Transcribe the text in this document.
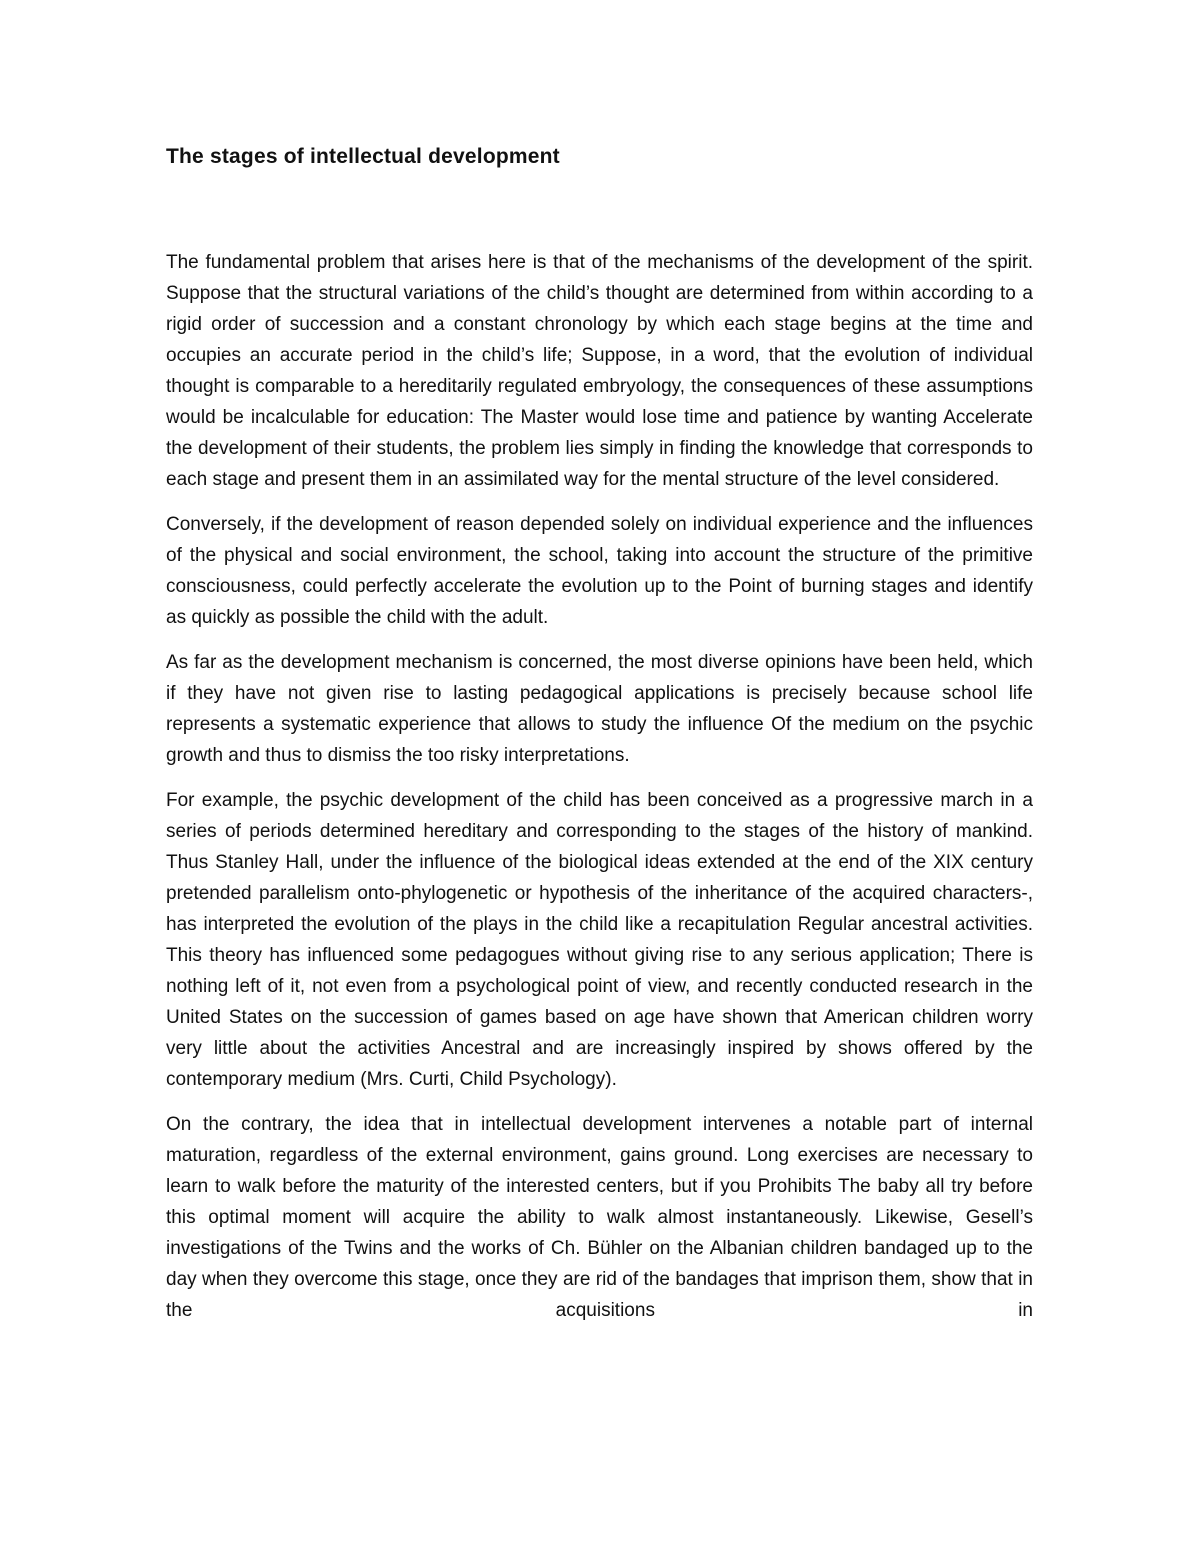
The stages of intellectual development

The fundamental problem that arises here is that of the mechanisms of the development of the spirit. Suppose that the structural variations of the child’s thought are determined from within according to a rigid order of succession and a constant chronology by which each stage begins at the time and occupies an accurate period in the child’s life; Suppose, in a word, that the evolution of individual thought is comparable to a hereditarily regulated embryology, the consequences of these assumptions would be incalculable for education: The Master would lose time and patience by wanting Accelerate the development of their students, the problem lies simply in finding the knowledge that corresponds to each stage and present them in an assimilated way for the mental structure of the level considered.

Conversely, if the development of reason depended solely on individual experience and the influences of the physical and social environment, the school, taking into account the structure of the primitive consciousness, could perfectly accelerate the evolution up to the Point of burning stages and identify as quickly as possible the child with the adult.

As far as the development mechanism is concerned, the most diverse opinions have been held, which if they have not given rise to lasting pedagogical applications is precisely because school life represents a systematic experience that allows to study the influence Of the medium on the psychic growth and thus to dismiss the too risky interpretations.

For example, the psychic development of the child has been conceived as a progressive march in a series of periods determined hereditary and corresponding to the stages of the history of mankind. Thus Stanley Hall, under the influence of the biological ideas extended at the end of the XIX century pretended parallelism onto-phylogenetic or hypothesis of the inheritance of the acquired characters-, has interpreted the evolution of the plays in the child like a recapitulation Regular ancestral activities. This theory has influenced some pedagogues without giving rise to any serious application; There is nothing left of it, not even from a psychological point of view, and recently conducted research in the United States on the succession of games based on age have shown that American children worry very little about the activities Ancestral and are increasingly inspired by shows offered by the contemporary medium (Mrs. Curti, Child Psychology).

On the contrary, the idea that in intellectual development intervenes a notable part of internal maturation, regardless of the external environment, gains ground. Long exercises are necessary to learn to walk before the maturity of the interested centers, but if you Prohibits The baby all try before this optimal moment will acquire the ability to walk almost instantaneously. Likewise, Gesell’s investigations of the Twins and the works of Ch. Bühler on the Albanian children bandaged up to the day when they overcome this stage, once they are rid of the bandages that imprison them, show that in the acquisitions in
